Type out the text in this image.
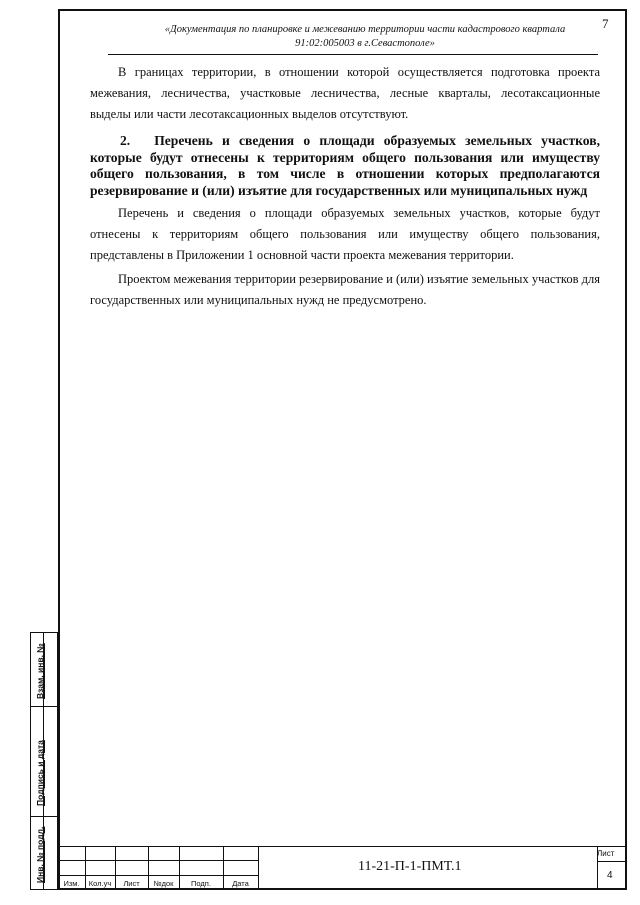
7
«Документация по планировке и межеванию территории части кадастрового квартала
91:02:005003 в г.Севастополе»

В границах территории, в отношении которой осуществляется подготовка проекта межевания, лесничества, участковые лесничества, лесные кварталы, лесотаксационные выделы или части лесотаксационных выделов отсутствуют.

2. Перечень и сведения о площади образуемых земельных участков, которые будут отнесены к территориям общего пользования или имуществу общего пользования, в том числе в отношении которых предполагаются резервирование и (или) изъятие для государственных или муниципальных нужд

Перечень и сведения о площади образуемых земельных участков, которые будут отнесены к территориям общего пользования или имуществу общего пользования, представлены в Приложении 1 основной части проекта межевания территории.

Проектом межевания территории резервирование и (или) изъятие земельных участков для государственных или муниципальных нужд не предусмотрено.

Взам. инв. №
Подпись и дата
Инв. № подл.
Изм.	Кол.уч	Лист	№док	Подп.	Дата
11-21-П-1-ПМТ.1
Лист
4
